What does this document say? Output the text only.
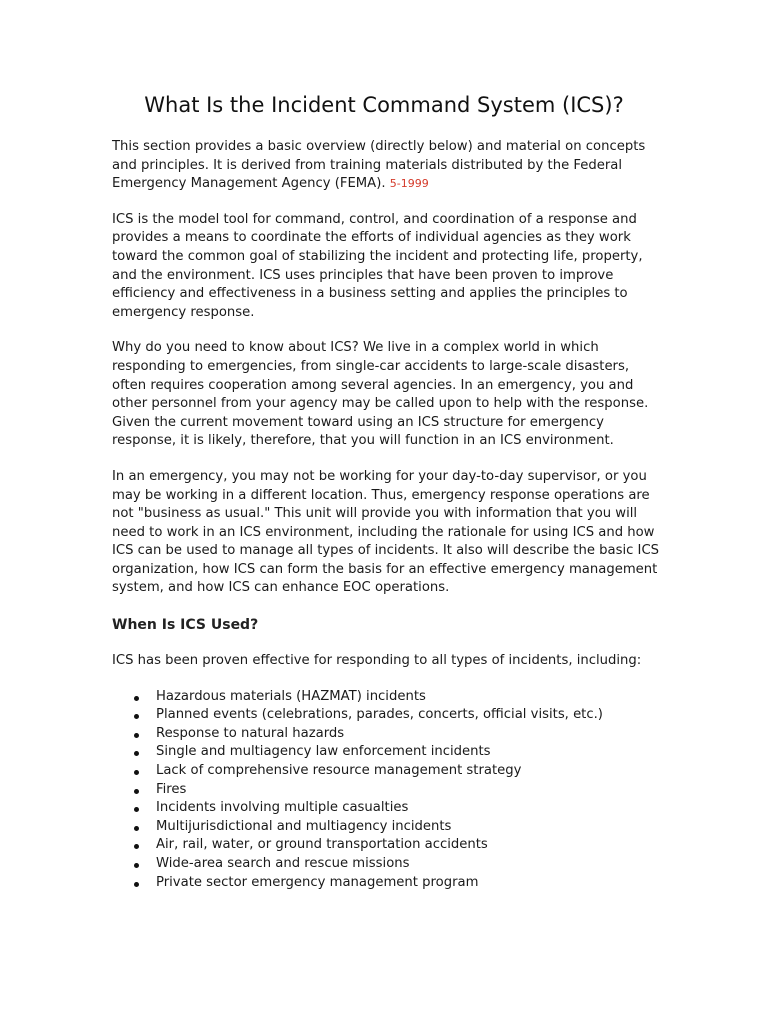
What Is the Incident Command System (ICS)?

This section provides a basic overview (directly below) and material on concepts and principles. It is derived from training materials distributed by the Federal Emergency Management Agency (FEMA). 5-1999

ICS is the model tool for command, control, and coordination of a response and provides a means to coordinate the efforts of individual agencies as they work toward the common goal of stabilizing the incident and protecting life, property, and the environment. ICS uses principles that have been proven to improve efficiency and effectiveness in a business setting and applies the principles to emergency response.

Why do you need to know about ICS? We live in a complex world in which responding to emergencies, from single-car accidents to large-scale disasters, often requires cooperation among several agencies. In an emergency, you and other personnel from your agency may be called upon to help with the response. Given the current movement toward using an ICS structure for emergency response, it is likely, therefore, that you will function in an ICS environment.

In an emergency, you may not be working for your day-to-day supervisor, or you may be working in a different location. Thus, emergency response operations are not "business as usual." This unit will provide you with information that you will need to work in an ICS environment, including the rationale for using ICS and how ICS can be used to manage all types of incidents. It also will describe the basic ICS organization, how ICS can form the basis for an effective emergency management system, and how ICS can enhance EOC operations.

When Is ICS Used?

ICS has been proven effective for responding to all types of incidents, including:

Hazardous materials (HAZMAT) incidents
Planned events (celebrations, parades, concerts, official visits, etc.)
Response to natural hazards
Single and multiagency law enforcement incidents
Lack of comprehensive resource management strategy
Fires
Incidents involving multiple casualties
Multijurisdictional and multiagency incidents
Air, rail, water, or ground transportation accidents
Wide-area search and rescue missions
Private sector emergency management program
